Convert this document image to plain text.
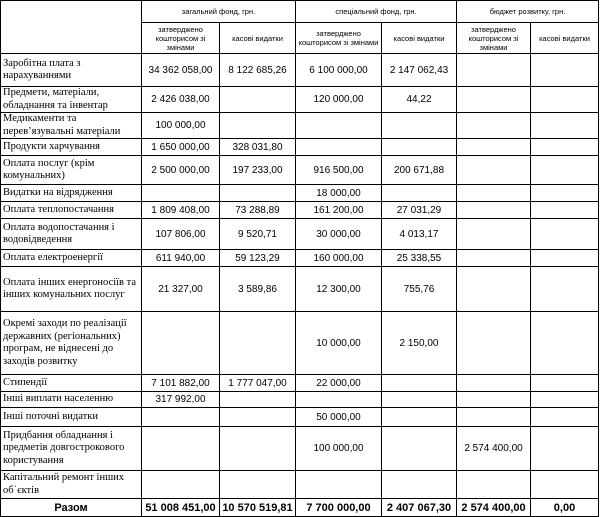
	загальний фонд, грн.		спеціальний фонд, грн.		бюджет розвитку, грн.	
	затверджено кошторисом зі змінами	касові видатки	затверджено кошторисом зі змінами	касові видатки	затверджено кошторисом зі змінами	касові видатки
Заробітна плата з нарахуваннями	34 362 058,00	8 122 685,26	6 100 000,00	2 147 062,43		
Предмети, матеріали, обладнання та інвентар	2 426 038,00		120 000,00	44,22		
Медикаменти та перев’язувальні матеріали	100 000,00					
Продукти харчування	1 650 000,00	328 031,80				
Оплата послуг (крім комунальних)	2 500 000,00	197 233,00	916 500,00	200 671,88		
Видатки на відрядження			18 000,00			
Оплата теплопостачання	1 809 408,00	73 288,89	161 200,00	27 031,29		
Оплата водопостачання і водовідведення	107 806,00	9 520,71	30 000,00	4 013,17		
Оплата електроенергії	611 940,00	59 123,29	160 000,00	25 338,55		
Оплата інших енергоносіїв та інших комунальних послуг	21 327,00	3 589,86	12 300,00	755,76		
Окремі заходи по реалізації державних (регіональних) програм, не віднесені до заходів розвитку			10 000,00	2 150,00		
Стипендії	7 101 882,00	1 777 047,00	22 000,00			
Інші виплати населенню	317 992,00					
Інші поточні видатки			50 000,00			
Придбання обладнання і предметів довгострокового користування			100 000,00		2 574 400,00	
Капітальний ремонт інших об`єктів						
Разом	51 008 451,00	10 570 519,81	7 700 000,00	2 407 067,30	2 574 400,00	0,00
